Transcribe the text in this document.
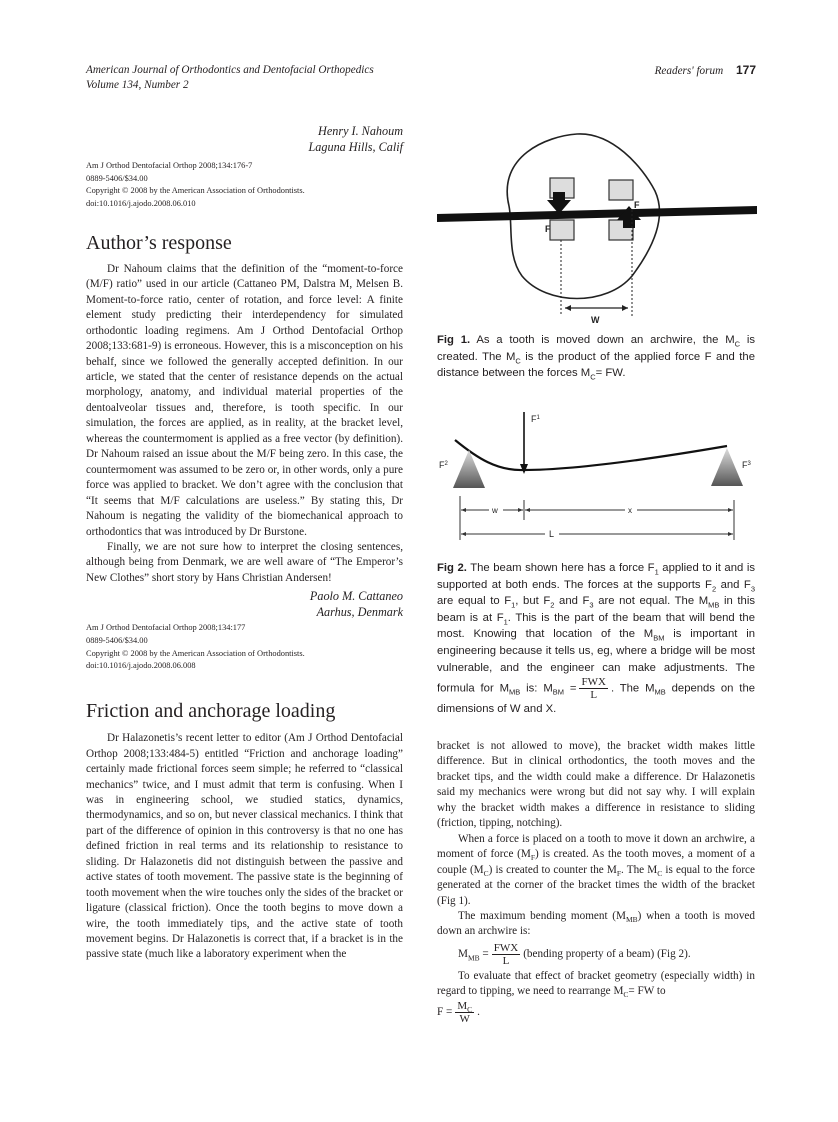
American Journal of Orthodontics and Dentofacial Orthopedics
Volume 134, Number 2
Readers' forum 177
Henry I. Nahoum
Laguna Hills, Calif
Am J Orthod Dentofacial Orthop 2008;134:176-7
0889-5406/$34.00
Copyright © 2008 by the American Association of Orthodontists.
doi:10.1016/j.ajodo.2008.06.010
Author’s response

Dr Nahoum claims that the definition of the “moment-to-force (M/F) ratio” used in our article (Cattaneo PM, Dalstra M, Melsen B. Moment-to-force ratio, center of rotation, and force level: A finite element study predicting their interdependency for simulated orthodontic loading regimens. Am J Orthod Dentofacial Orthop 2008;133:681-9) is erroneous. However, this is a misconception on his behalf, since we followed the generally accepted definition. In our article, we stated that the center of resistance depends on the actual morphology, anatomy, and individual material properties of the dentoalveolar tissues and, therefore, is tooth specific. In our simulation, the forces are applied, as in reality, at the bracket level, whereas the countermoment is applied as a free vector (by definition). Dr Nahoum raised an issue about the M/F being zero. In this case, the countermoment was assumed to be zero or, in other words, only a pure force was applied to bracket. We don’t agree with the conclusion that “It seems that M/F calculations are useless.” By stating this, Dr Nahoum is negating the validity of the biomechanical approach to orthodontics that was introduced by Dr Burstone.

Finally, we are not sure how to interpret the closing sentences, although being from Denmark, we are well aware of “The Emperor’s New Clothes” short story by Hans Christian Andersen!

Paolo M. Cattaneo
Aarhus, Denmark
Am J Orthod Dentofacial Orthop 2008;134:177
0889-5406/$34.00
Copyright © 2008 by the American Association of Orthodontists.
doi:10.1016/j.ajodo.2008.06.008
Friction and anchorage loading

Dr Halazonetis’s recent letter to editor (Am J Orthod Dentofacial Orthop 2008;133:484-5) entitled “Friction and anchorage loading” certainly made frictional forces seem simple; he referred to “classical mechanics” twice, and I must admit that term is confusing. When I was in engineering school, we studied statics, dynamics, thermodynamics, and so on, but never classical mechanics. I think that part of the difference of opinion in this controversy is that no one has defined friction in real terms and its relationship to resistance to sliding. Dr Halazonetis did not distinguish between the passive and active states of tooth movement. The passive state is the beginning of tooth movement when the wire touches only the sides of the bracket or ligature (classical friction). Once the tooth begins to move down a wire, the tooth immediately tips, and the active state of tooth movement begins. Dr Halazonetis is correct that, if a bracket is in the passive state (much like a laboratory experiment when the

F
F
W
Fig 1. As a tooth is moved down an archwire, the $M_C$ is created. The $M_C$ is the product of the applied force F and the distance between the forces $M_C=$ FW.
$F^1$
$F^2$	$F^3$
w	x
L
Fig 2. The beam shown here has a force $F_1$ applied to it and is supported at both ends. The forces at the supports $F_2$ and $F_3$ are equal to $F_1$, but $F_2$ and $F_3$ are not equal. The $M_{MB}$ in this beam is at $F_1$. This is the part of the beam that will bend the most. Knowing that location of the $M_{BM}$ is important in engineering because it tells us, eg, where a bridge will be most vulnerable, and the engineer can make adjustments. The formula for $M_{MB}$ is: $M_{BM} = \frac{\text{FWX}}{L}$ . The $M_{MB}$ depends on the dimensions of W and X.
bracket is not allowed to move), the bracket width makes little difference. But in clinical orthodontics, the tooth moves and the bracket tips, and the width could make a difference. Dr Halazonetis said my mechanics were wrong but did not say why. I will explain why the bracket width makes a difference in resistance to sliding (friction, tipping, notching).

When a force is placed on a tooth to move it down an archwire, a moment of force $(M_F)$ is created. As the tooth moves, a moment of a couple $(M_C)$ is created to counter the $M_F$. The $M_C$ is equal to the force generated at the corner of the bracket times the width of the bracket (Fig 1).

The maximum bending moment $(M_{MB})$ when a tooth is moved down an archwire is:

$M_{MB} = \frac{\text{FWX}}{L}$ (bending property of a beam) (Fig 2).

To evaluate that effect of bracket geometry (especially width) in regard to tipping, we need to rearrange $M_C=$ FW to

$F = \frac{M_C}{W}$ .
